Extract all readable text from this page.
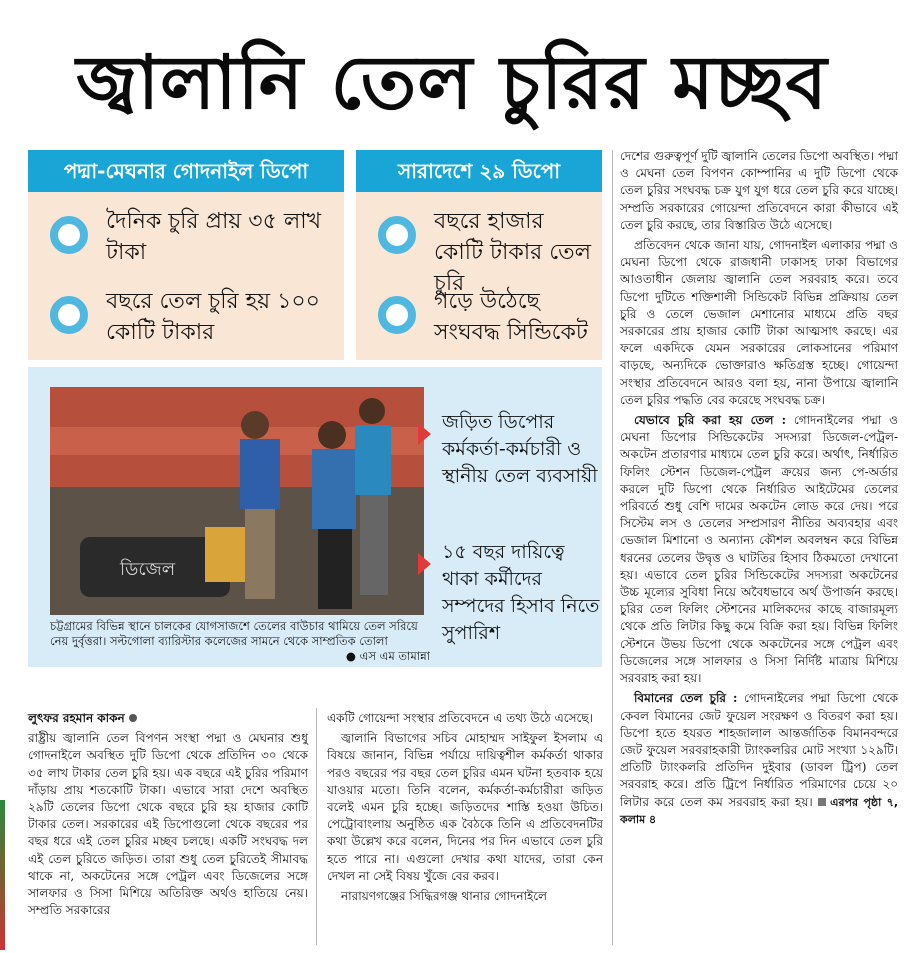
জ্বালানি তেল চুরির মচ্ছব
পদ্মা-মেঘনার গোদনাইল ডিপো
দৈনিক চুরি প্রায় ৩৫ লাখ টাকা
বছরে তেল চুরি হয় ১০০ কোটি টাকার
সারাদেশে ২৯ ডিপো
বছরে হাজার কোটি টাকার তেল চুরি
গড়ে উঠেছে সংঘবদ্ধ সিন্ডিকেট
ডিজেল
চট্টগ্রামের বিভিন্ন স্থানে চালকের যোগসাজশে তেলের বাউচার থামিয়ে তেল সরিয়ে নেয় দুর্বৃত্তরা। সল্টগোলা ব্যারিস্টার কলেজের সামনে থেকে সাম্প্রতিক তোলা
● এস এম তামান্না
জড়িত ডিপোর কর্মকর্তা-কর্মচারী ও স্থানীয় তেল ব্যবসায়ী
১৫ বছর দায়িত্বে থাকা কর্মীদের সম্পদের হিসাব নিতে সুপারিশ

দেশের গুরুত্বপূর্ণ দুটি জ্বালানি তেলের ডিপো অবস্থিত। পদ্মা ও মেঘনা তেল বিপণন কোম্পানির এ দুটি ডিপো থেকে তেল চুরির সংঘবদ্ধ চক্র যুগ যুগ ধরে তেল চুরি করে যাচ্ছে। সম্প্রতি সরকারের গোয়েন্দা প্রতিবেদনে কারা কীভাবে এই তেল চুরি করছে, তার বিস্তারিত উঠে এসেছে।

প্রতিবেদন থেকে জানা যায়, গোদনাইল এলাকার পদ্মা ও মেঘনা ডিপো থেকে রাজধানী ঢাকাসহ ঢাকা বিভাগের আওতাধীন জেলায় জ্বালানি তেল সরবরাহ করে। তবে ডিপো দুটিতে শক্তিশালী সিন্ডিকেট বিভিন্ন প্রক্রিয়ায় তেল চুরি ও তেলে ভেজাল মেশানোর মাধ্যমে প্রতি বছর সরকারের প্রায় হাজার কোটি টাকা আত্মসাৎ করছে। এর ফলে একদিকে যেমন সরকারের লোকসানের পরিমাণ বাড়ছে, অন্যদিকে ভোক্তারাও ক্ষতিগ্রস্ত হচ্ছে। গোয়েন্দা সংস্থার প্রতিবেদনে আরও বলা হয়, নানা উপায়ে জ্বালানি তেল চুরির পদ্ধতি বের করেছে সংঘবদ্ধ চক্র।

যেভাবে চুরি করা হয় তেল : গোদনাইলের পদ্মা ও মেঘনা ডিপোর সিন্ডিকেটের সদস্যরা ডিজেল-পেট্রল-অকটেন প্রতারণার মাধ্যমে তেল চুরি করে। অর্থাৎ, নির্ধারিত ফিলিং স্টেশন ডিজেল-পেট্রল ক্রয়ের জন্য পে-অর্ডার করলে দুটি ডিপো থেকে নির্ধারিত আইটেমের তেলের পরিবর্তে শুধু বেশি দামের অকটেন লোড করে দেয়। পরে সিস্টেম লস ও তেলের সম্প্রসারণ নীতির অব্যবহার এবং ভেজাল মিশানো ও অন্যান্য কৌশল অবলম্বন করে বিভিন্ন ধরনের তেলের উদ্বৃত্ত ও ঘাটতির হিসাব ঠিকমতো দেখানো হয়। এভাবে তেল চুরির সিন্ডিকেটের সদস্যরা অকটেনের উচ্চ মূল্যের সুবিধা নিয়ে অবৈধভাবে অর্থ উপার্জন করছে। চুরির তেল ফিলিং স্টেশনের মালিকদের কাছে বাজারমূল্য থেকে প্রতি লিটার কিছু কমে বিক্রি করা হয়। বিভিন্ন ফিলিং স্টেশনে উভয় ডিপো থেকে অকটেনের সঙ্গে পেট্রল এবং ডিজেলের সঙ্গে সালফার ও সিসা নির্দিষ্ট মাত্রায় মিশিয়ে সরবরাহ করা হয়।

বিমানের তেল চুরি : গোদনাইলের পদ্মা ডিপো থেকে কেবল বিমানের জেট ফুয়েল সংরক্ষণ ও বিতরণ করা হয়। ডিপো হতে হযরত শাহজালাল আন্তর্জাতিক বিমানবন্দরে জেট ফুয়েল সরবরাহকারী ট্যাংকলরির মোট সংখ্যা ১২৯টি। প্রতিটি ট্যাংকলরি প্রতিদিন দুইবার (ডাবল ট্রিপ) তেল সরবরাহ করে। প্রতি ট্রিপে নির্ধারিত পরিমাণের চেয়ে ২০ লিটার করে তেল কম সরবরাহ করা হয়। এরপর পৃষ্ঠা ৭, কলাম ৪

লুৎফর রহমান কাকন

রাষ্ট্রীয় জ্বালানি তেল বিপণন সংস্থা পদ্মা ও মেঘনার শুধু গোদনাইলে অবস্থিত দুটি ডিপো থেকে প্রতিদিন ৩০ থেকে ৩৫ লাখ টাকার তেল চুরি হয়। এক বছরে এই চুরির পরিমাণ দাঁড়ায় প্রায় শতকোটি টাকা। এভাবে সারা দেশে অবস্থিত ২৯টি তেলের ডিপো থেকে বছরে চুরি হয় হাজার কোটি টাকার তেল। সরকারের এই ডিপোগুলো থেকে বছরের পর বছর ধরে এই তেল চুরির মচ্ছব চলছে। একটি সংঘবদ্ধ দল এই তেল চুরিতে জড়িত। তারা শুধু তেল চুরিতেই সীমাবদ্ধ থাকে না, অকটেনের সঙ্গে পেট্রল এবং ডিজেলের সঙ্গে সালফার ও সিসা মিশিয়ে অতিরিক্ত অর্থও হাতিয়ে নেয়। সম্প্রতি সরকারের

একটি গোয়েন্দা সংস্থার প্রতিবেদনে এ তথ্য উঠে এসেছে।

জ্বালানি বিভাগের সচিব মোহাম্মদ সাইফুল ইসলাম এ বিষয়ে জানান, বিভিন্ন পর্যায়ে দায়িত্বশীল কর্মকর্তা থাকার পরও বছরের পর বছর তেল চুরির এমন ঘটনা হতবাক হয়ে যাওয়ার মতো। তিনি বলেন, কর্মকর্তা-কর্মচারীরা জড়িত বলেই এমন চুরি হচ্ছে। জড়িতদের শাস্তি হওয়া উচিত। পেট্রোবাংলায় অনুষ্ঠিত এক বৈঠকে তিনি এ প্রতিবেদনটির কথা উল্লেখ করে বলেন, দিনের পর দিন এভাবে তেল চুরি হতে পারে না। এগুলো দেখার কথা যাদের, তারা কেন দেখল না সেই বিষয় খুঁজে বের করব।

নারায়ণগঞ্জের সিদ্ধিরগঞ্জ থানার গোদনাইলে
